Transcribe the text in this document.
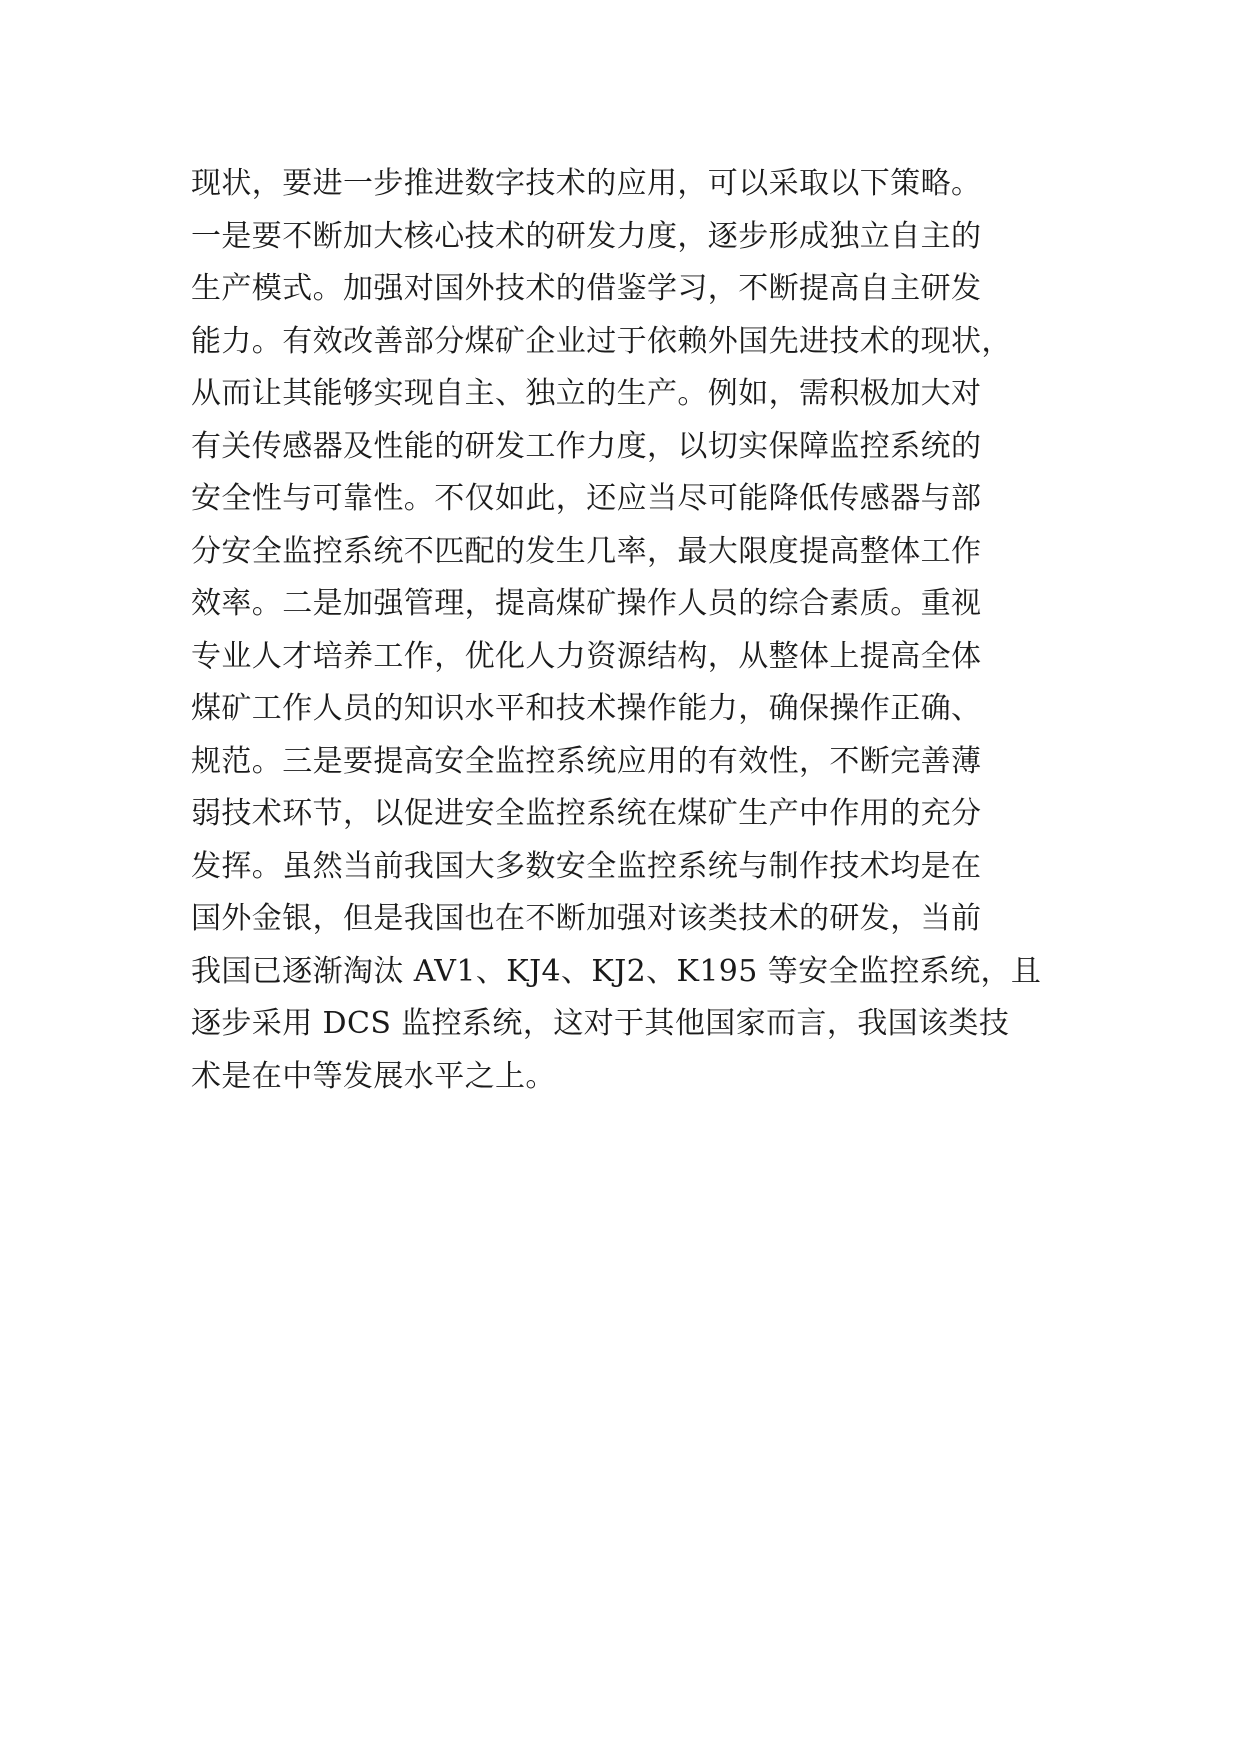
现状，要进一步推进数字技术的应用，可以采取以下策略。
一是要不断加大核心技术的研发力度，逐步形成独立自主的
生产模式。加强对国外技术的借鉴学习，不断提高自主研发
能力。有效改善部分煤矿企业过于依赖外国先进技术的现状，
从而让其能够实现自主、独立的生产。例如，需积极加大对
有关传感器及性能的研发工作力度，以切实保障监控系统的
安全性与可靠性。不仅如此，还应当尽可能降低传感器与部
分安全监控系统不匹配的发生几率，最大限度提高整体工作
效率。二是加强管理，提高煤矿操作人员的综合素质。重视
专业人才培养工作，优化人力资源结构，从整体上提高全体
煤矿工作人员的知识水平和技术操作能力，确保操作正确、
规范。三是要提高安全监控系统应用的有效性，不断完善薄
弱技术环节，以促进安全监控系统在煤矿生产中作用的充分
发挥。虽然当前我国大多数安全监控系统与制作技术均是在
国外金银，但是我国也在不断加强对该类技术的研发，当前
我国已逐渐淘汰 AV1、KJ4、KJ2、K195 等安全监控系统，且
逐步采用 DCS 监控系统，这对于其他国家而言，我国该类技
术是在中等发展水平之上。
